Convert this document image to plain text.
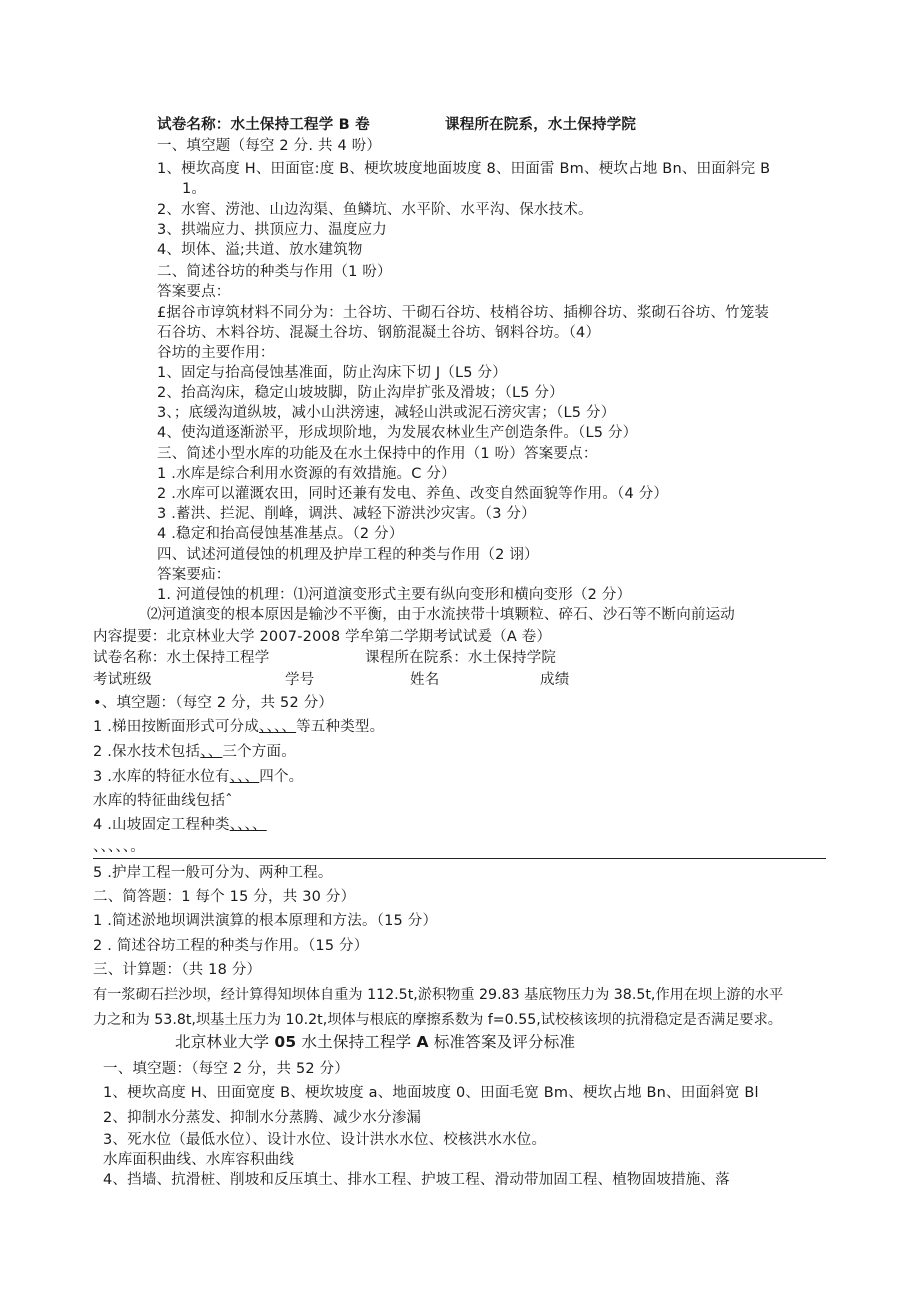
试卷名称：水土保持工程学 B 卷	课程所在院系，水土保持学院
一、填空题（每空 2 分. 共 4 吩）
1、梗坎高度 H、田面宦:度 B、梗坎坡度地面坡度 8、田面雷 Bm、梗坎占地 Bn、田面斜完 B
1。
2、水窖、涝池、山边沟渠、鱼鳞坑、水平阶、水平沟、保水技术。
3、拱端应力、拱顶应力、温度应力
4、坝体、溢;共道、放水建筑物
二、简述谷坊的种类与作用（1 吩）
答案要点：
£据谷市谆筑材料不同分为：土谷坊、干砌石谷坊、枝梢谷坊、插柳谷坊、浆砌石谷坊、竹笼装
石谷坊、木料谷坊、混凝土谷坊、钢筋混凝土谷坊、钢料谷坊。（4）
谷坊的主要作用：
1、固定与抬高侵蚀基准面，防止沟床下切 J（L5 分）
2、抬高沟床，稳定山坡坡脚，防止沟岸扩张及滑坡；（L5 分）
3、；底缓沟道纵坡，减小山洪滂速，减轻山洪或泥石滂灾害；（L5 分）
4、使沟道逐渐淤平，形成坝阶地，为发展农林业生产创造条件。（L5 分）
三、简述小型水库的功能及在水土保持中的作用（1 吩）答案要点：
1 .水库是综合利用水资源的有效措施。C 分）
2 .水库可以灌溉农田，同时还兼有发电、养鱼、改变自然面貌等作用。（4 分）
3 .蓄洪、拦泥、削峰，调洪、减轻下游洪沙灾害。（3 分）
4 .稳定和抬高侵蚀基准基点。（2 分）
四、试述河道侵蚀的机理及护岸工程的种类与作用（2 诩）
答案要疝：
1. 河道侵蚀的机理：⑴河道演变形式主要有纵向变形和横向变形（2 分）
⑵河道演变的根本原因是输沙不平衡，由于水流挟带十填颗粒、碎石、沙石等不断向前运动
内容提要：北京林业大学 2007-2008 学牟第二学期考试试爰（A 卷）
试卷名称：水土保持工程学	课程所在院系：水土保持学院
考试班级	学号	姓名	成绩
•、填空题：（每空 2 分，共 52 分）
1 .梯田按断面形式可分成、、、、等五种类型。
2 .保水技术包括、、三个方面。
3 .水库的特征水位有、、、四个。
水库的特征曲线包括ˆ
4 .山坡固定工程种类、、、、
、、、、、。
5 .护岸工程一般可分为、两种工程。
二、简答题：1 每个 15 分，共 30 分）
1 .简述淤地坝调洪演算的根本原理和方法。（15 分）
2 . 简述谷坊工程的种类与作用。（15 分）
三、计算题：（共 18 分）
有一浆砌石拦沙坝，经计算得知坝体自重为 112.5t,淤积物重 29.83 基底物压力为 38.5t,作用在坝上游的水平
力之和为 53.8t,坝基土压力为 10.2t,坝体与根底的摩擦系数为 f=0.55,试校核该坝的抗滑稳定是否满足要求。
北京林业大学 05 水土保持工程学 A 标准答案及评分标准
一、填空题：（每空 2 分，共 52 分）
1、梗坎高度 H、田面宽度 B、梗坎坡度 a、地面坡度 0、田面毛宽 Bm、梗坎占地 Bn、田面斜宽 Bl
2、抑制水分蒸发、抑制水分蒸腾、减少水分渗漏
3、死水位（最低水位）、设计水位、设计洪水水位、校核洪水水位。
水库面积曲线、水库容积曲线
4、挡墙、抗滑桩、削坡和反压填土、排水工程、护坡工程、滑动带加固工程、植物固坡措施、落
